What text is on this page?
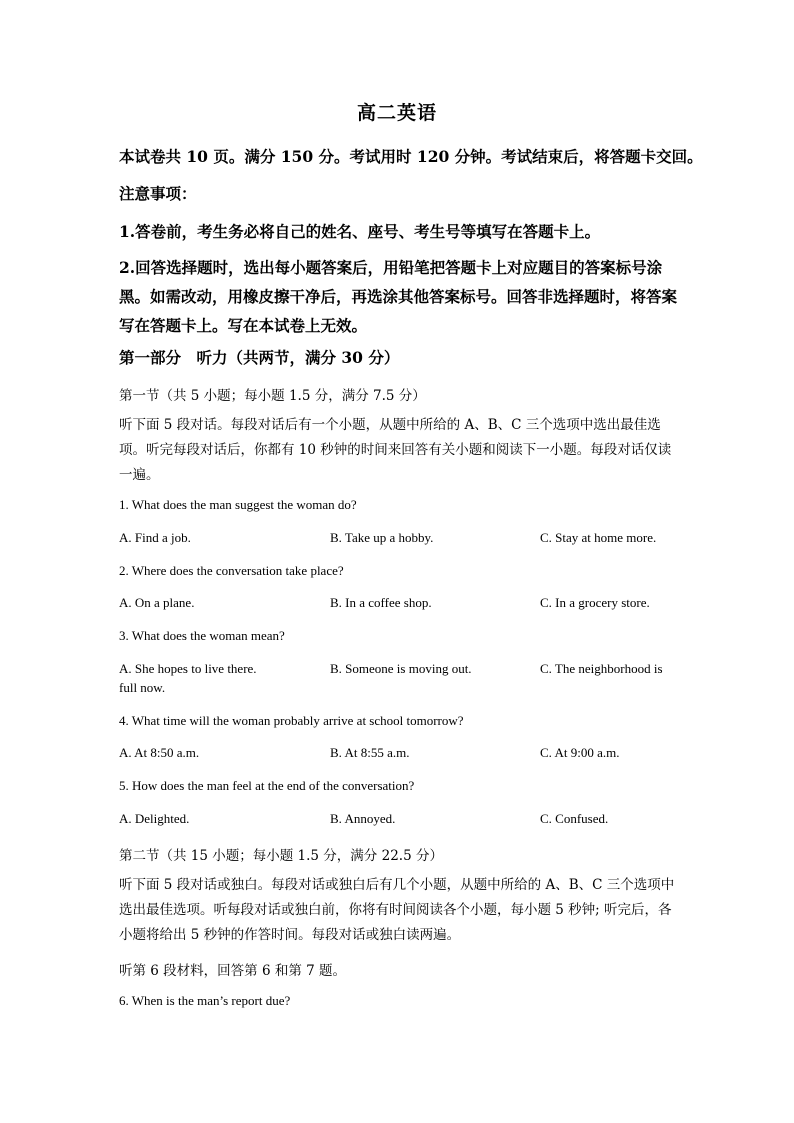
高二英语
本试卷共 10 页。满分 150 分。考试用时 120 分钟。考试结束后，将答题卡交回。
注意事项：
1.答卷前，考生务必将自己的姓名、座号、考生号等填写在答题卡上。
2.回答选择题时，选出每小题答案后，用铅笔把答题卡上对应题目的答案标号涂黑。如需改动，用橡皮擦干净后，再选涂其他答案标号。回答非选择题时，将答案写在答题卡上。写在本试卷上无效。
第一部分　听力（共两节，满分 30 分）
第一节（共 5 小题；每小题 1.5 分，满分 7.5 分）
听下面 5 段对话。每段对话后有一个小题，从题中所给的 A、B、C 三个选项中选出最佳选项。听完每段对话后，你都有 10 秒钟的时间来回答有关小题和阅读下一小题。每段对话仅读一遍。
1. What does the man suggest the woman do?
A. Find a job.	B. Take up a hobby.	C. Stay at home more.
2. Where does the conversation take place?
A. On a plane.	B. In a coffee shop.	C. In a grocery store.
3. What does the woman mean?
A. She hopes to live there.	B. Someone is moving out.	C. The neighborhood is
full now.
4. What time will the woman probably arrive at school tomorrow?
A. At 8:50 a.m.	B. At 8:55 a.m.	C. At 9:00 a.m.
5. How does the man feel at the end of the conversation?
A. Delighted.	B. Annoyed.	C. Confused.
第二节（共 15 小题；每小题 1.5 分，满分 22.5 分）
听下面 5 段对话或独白。每段对话或独白后有几个小题，从题中所给的 A、B、C 三个选项中选出最佳选项。听每段对话或独白前，你将有时间阅读各个小题，每小题 5 秒钟; 听完后，各小题将给出 5 秒钟的作答时间。每段对话或独白读两遍。
听第 6 段材料，回答第 6 和第 7 题。
6. When is the man’s report due?
